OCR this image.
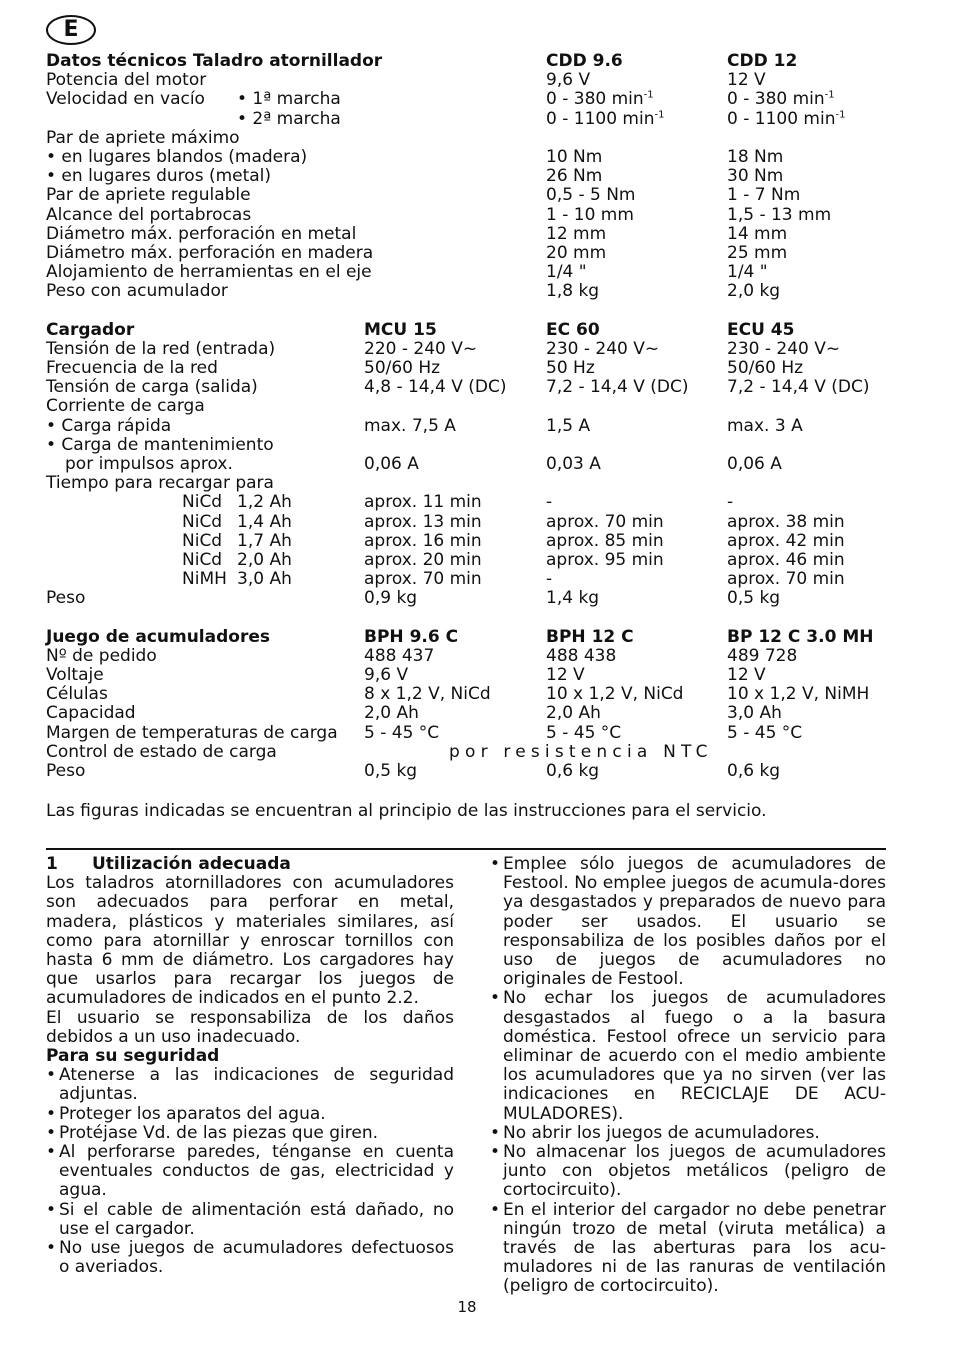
E
Datos técnicos Taladro atornillador	CDD 9.6	CDD 12
Potencia del motor	9,6 V	12 V
Velocidad en vacío • 1ª marcha	0 - 380 $\min^{-1}$	0 - 380 $\min^{-1}$
• 2ª marcha	0 - 1100 $\min^{-1}$	0 - 1100 $\min^{-1}$
Par de apriete máximo
• en lugares blandos (madera)	10 Nm	18 Nm
• en lugares duros (metal)	26 Nm	30 Nm
Par de apriete regulable	0,5 - 5 Nm	1 - 7 Nm
Alcance del portabrocas	1 - 10 mm	1,5 - 13 mm
Diámetro máx. perforación en metal	12 mm	14 mm
Diámetro máx. perforación en madera	20 mm	25 mm
Alojamiento de herramientas en el eje	1/4 "	1/4 "
Peso con acumulador	1,8 kg	2,0 kg
Cargador	MCU 15	EC 60	ECU 45
Tensión de la red (entrada)	220 - 240 V~	230 - 240 V~	230 - 240 V~
Frecuencia de la red	50/60 Hz	50 Hz	50/60 Hz
Tensión de carga (salida)	4,8 - 14,4 V (DC) 7,2 - 14,4 V (DC) 7,2 - 14,4 V (DC)
Corriente de carga
• Carga rápida	max. 7,5 A	1,5 A	max. 3 A
• Carga de mantenimiento
por impulsos aprox.	0,06 A	0,03 A	0,06 A
Tiempo para recargar para
NiCd 1,2 Ah	aprox. 11 min	-	-
NiCd 1,4 Ah	aprox. 13 min	aprox. 70 min	aprox. 38 min
NiCd 1,7 Ah	aprox. 16 min	aprox. 85 min	aprox. 42 min
NiCd 2,0 Ah	aprox. 20 min	aprox. 95 min	aprox. 46 min
NiMH 3,0 Ah	aprox. 70 min	-	aprox. 70 min
Peso	0,9 kg	1,4 kg	0,5 kg
Juego de acumuladores	BPH 9.6 C	BPH 12 C	BP 12 C 3.0 MH
Nº de pedido	488 437	488 438	489 728
Voltaje	9,6 V	12 V	12 V
Células	8 x 1,2 V, NiCd	10 x 1,2 V, NiCd	10 x 1,2 V, NiMH
Capacidad	2,0 Ah	2,0 Ah	3,0 Ah
Margen de temperaturas de carga 5 - 45 °C	5 - 45 °C	5 - 45 °C
Control de estado de carga	por resistencia NTC
Peso	0,5 kg	0,6 kg	0,6 kg
Las figuras indicadas se encuentran al principio de las instrucciones para el servicio.
1 Utilización adecuada

Los taladros atornilladores con acumuladores son adecuados para perforar en metal, madera, plásticos y materiales similares, así como para atornillar y enroscar tornillos con hasta 6 mm de diámetro. Los cargadores hay que usarlos para recargar los juegos de acumuladores de indicados en el punto 2.2.

El usuario se responsabiliza de los daños debidos a un uso inadecuado.

Para su seguridad
• Atenerse a las indicaciones de seguridad adjuntas.
• Proteger los aparatos del agua.
• Protéjase Vd. de las piezas que giren.
• Al perforarse paredes, ténganse en cuenta eventuales conductos de gas, electricidad y agua.
• Si el cable de alimentación está dañado, no use el cargador.
• No use juegos de acumuladores defectuosos o averiados.
• Emplee sólo juegos de acumuladores de Festool. No emplee juegos de acumula-dores ya desgastados y preparados de nuevo para poder ser usados. El usuario se responsabiliza de los posibles daños por el uso de juegos de acumuladores no originales de Festool.
• No echar los juegos de acumuladores desgastados al fuego o a la basura doméstica. Festool ofrece un servicio para eliminar de acuerdo con el medio ambiente los acumuladores que ya no sirven (ver las indicaciones en RECICLAJE DE ACU-MULADORES).
• No abrir los juegos de acumuladores.
• No almacenar los juegos de acumuladores junto con objetos metálicos (peligro de cortocircuito).
• En el interior del cargador no debe penetrar ningún trozo de metal (viruta metálica) a través de las aberturas para los acu-muladores ni de las ranuras de ventilación (peligro de cortocircuito).
18
